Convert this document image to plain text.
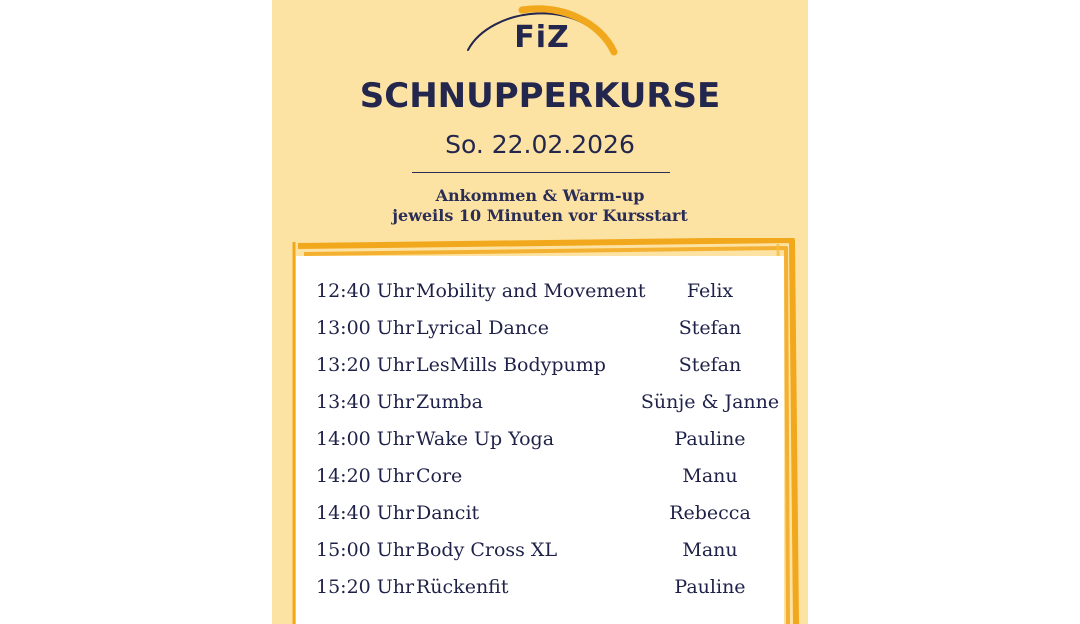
FiZ
SCHNUPPERKURSE
So. 22.02.2026
Ankommen & Warm-up
jeweils 10 Minuten vor Kursstart
12:40 Uhr Mobility and Movement	Felix
13:00 Uhr Lyrical Dance	Stefan
13:20 Uhr LesMills Bodypump	Stefan
13:40 Uhr Zumba	Sünje & Janne
14:00 Uhr Wake Up Yoga	Pauline
14:20 Uhr Core	Manu
14:40 Uhr Dancit	Rebecca
15:00 Uhr Body Cross XL	Manu
15:20 Uhr Rückenfit	Pauline
